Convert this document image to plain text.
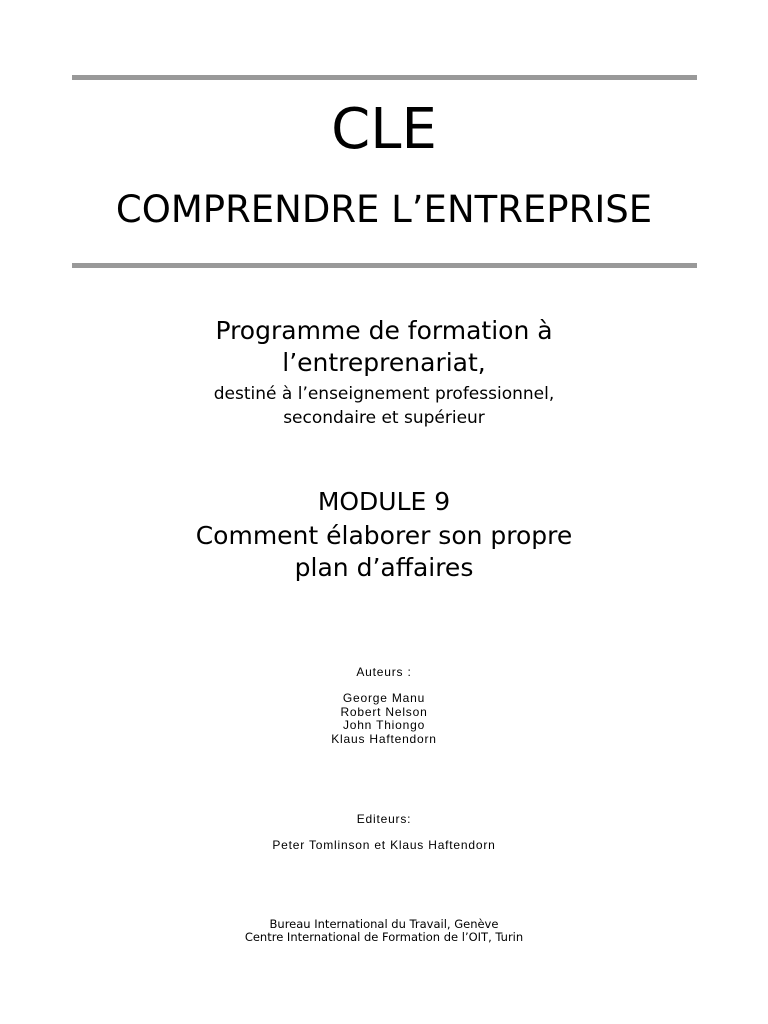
CLE
COMPRENDRE L’ENTREPRISE
Programme de formation à
l’entreprenariat,
destiné à l’enseignement professionnel,
secondaire et supérieur
MODULE 9
Comment élaborer son propre
plan d’affaires
Auteurs :
George Manu
Robert Nelson
John Thiongo
Klaus Haftendorn
Editeurs:
Peter Tomlinson et Klaus Haftendorn
Bureau International du Travail, Genève
Centre International de Formation de l’OIT, Turin
